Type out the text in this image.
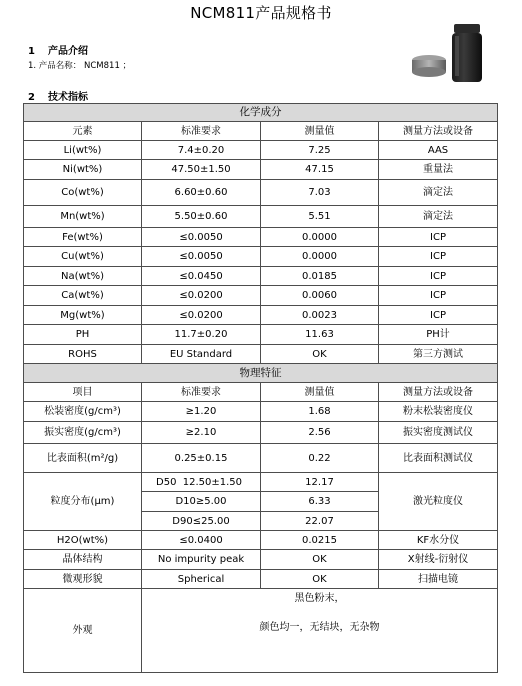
NCM811产品规格书
1 产品介绍
1. 产品名称： NCM811 ；
2 技术指标
化学成分			
元素	标准要求	测量值	测量方法或设备
Li(wt%)	7.4±0.20	7.25	AAS
Ni(wt%)	47.50±1.50	47.15	重量法
Co(wt%)	6.60±0.60	7.03	滴定法
Mn(wt%)	5.50±0.60	5.51	滴定法
Fe(wt%)	≤0.0050	0.0000	ICP
Cu(wt%)	≤0.0050	0.0000	ICP
Na(wt%)	≤0.0450	0.0185	ICP
Ca(wt%)	≤0.0200	0.0060	ICP
Mg(wt%)	≤0.0200	0.0023	ICP
PH	11.7±0.20	11.63	PH计
ROHS	EU Standard	OK	第三方测试
物理特征			
项目	标准要求	测量值	测量方法或设备
松装密度(g/cm³)	≥1.20	1.68	粉末松装密度仪
振实密度(g/cm³)	≥2.10	2.56	振实密度测试仪
比表面积(m²/g)	0.25±0.15	0.22	比表面积测试仪
粒度分布(μm)	D50 12.50±1.50	12.17	激光粒度仪
	D10≥5.00	6.33	
	D90≤25.00	22.07	
H2O(wt%)	≤0.0400	0.0215	KF水分仪
晶体结构	No impurity peak	OK	X射线-衍射仪
微观形貌	Spherical	OK	扫描电镜
外观	黑色粉末，
颜色均一，无结块，无杂物		
